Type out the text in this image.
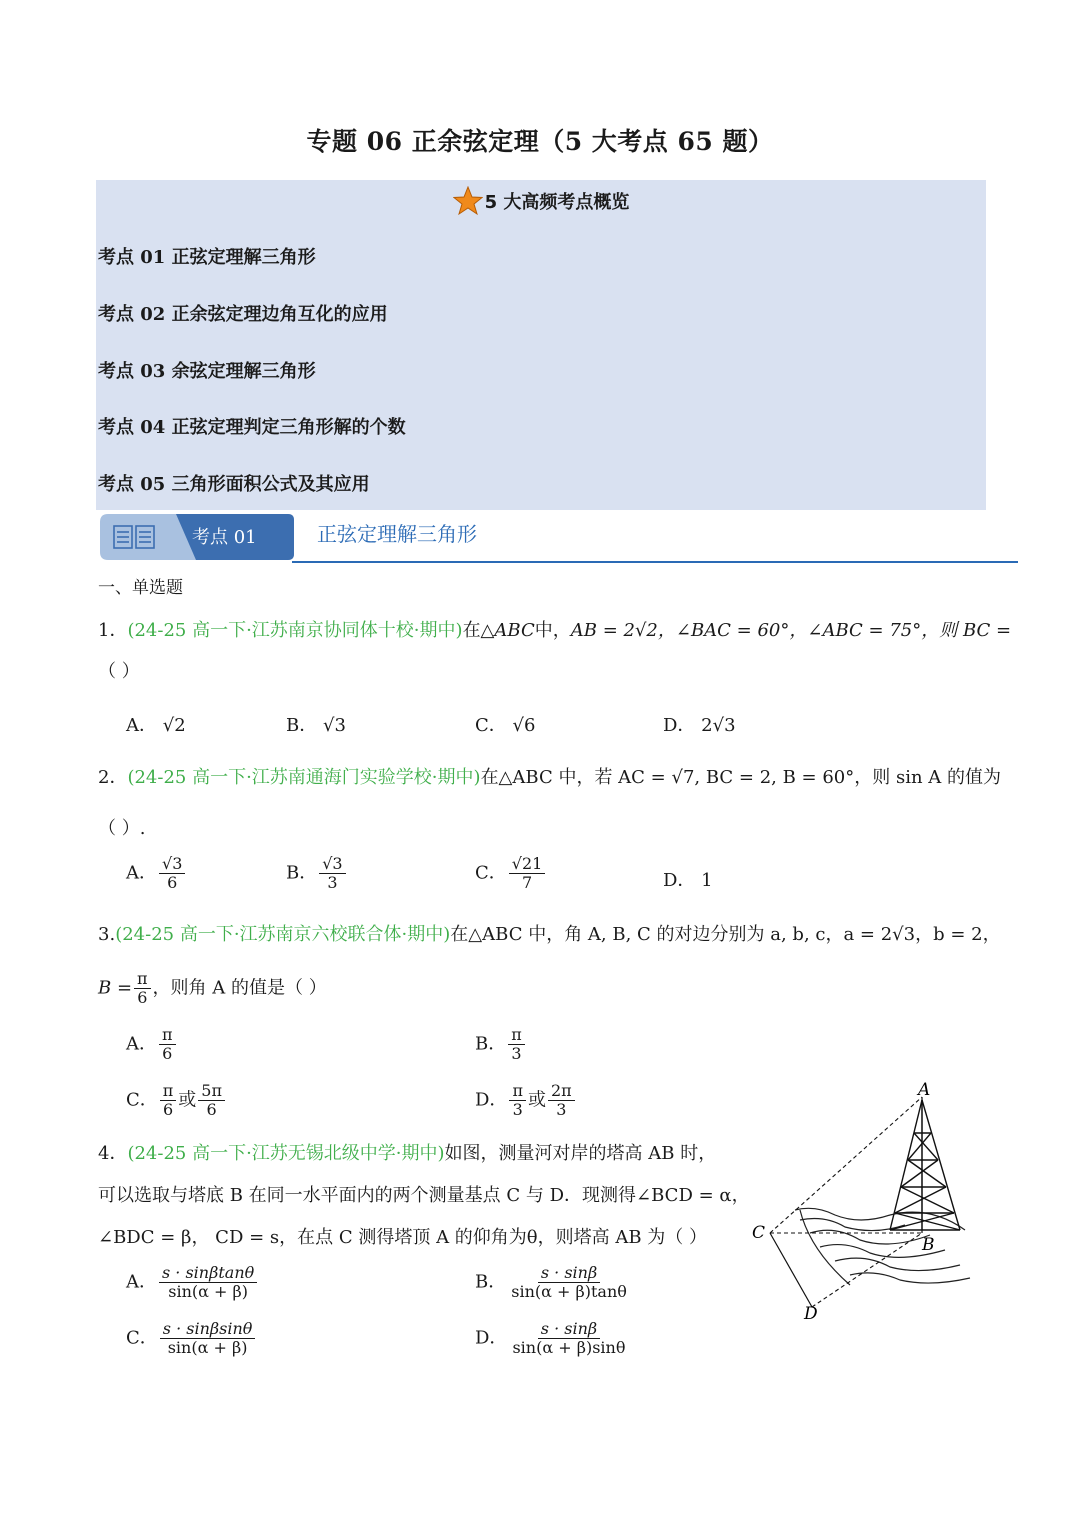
专题 06 正余弦定理（5 大考点 65 题）
5 大高频考点概览
考点 01 正弦定理解三角形
考点 02 正余弦定理边角互化的应用
考点 03 余弦定理解三角形
考点 04 正弦定理判定三角形解的个数
考点 05 三角形面积公式及其应用
考点 01	正弦定理解三角形
一、单选题
1．(24-25 高一下·江苏南京协同体十校·期中)在△ABC中，AB = 2√2，∠BAC = 60°，∠ABC = 75°，则 BC =
（ ）
A． √2	B． √3	C． √6	D． 2√3
2．(24-25 高一下·江苏南通海门实验学校·期中)在△ABC 中，若 AC = √7, BC = 2, B = 60°，则 sin A 的值为
（ ）.
A． $\frac{√3}{6}$	B． $\frac{√3}{3}$	C． $\frac{√21}{7}$	D． 1
3.(24-25 高一下·江苏南京六校联合体·期中)在△ABC 中，角 A, B, C 的对边分别为 a, b, c，a = 2√3，b = 2，
$B = \frac{\pi}{6}$ ，则角 A 的值是（ ）
A． $\frac{\pi}{6}$	B． $\frac{\pi}{3}$
C． $\frac{\pi}{6}$ 或 $\frac{5\pi}{6}$	D． $\frac{\pi}{3}$ 或 $\frac{2\pi}{3}$
4．(24-25 高一下·江苏无锡北级中学·期中)如图，测量河对岸的塔高 AB 时，
可以选取与塔底 B 在同一水平面内的两个测量基点 C 与 D．现测得∠BCD = α，
∠BDC = β， CD = s，在点 C 测得塔顶 A 的仰角为θ，则塔高 AB 为（ ）
A． $\frac{s \cdot \sin\beta\tan\theta}{\sin(\alpha + \beta)}$	B． $\frac{s \cdot \sin\beta}{\sin(\alpha + \beta)\tan\theta}$
C． $\frac{s \cdot \sin\beta\sin\theta}{\sin(\alpha + \beta)}$	D． $\frac{s \cdot \sin\beta}{\sin(\alpha + \beta)\sin\theta}$
A
B
C
D
